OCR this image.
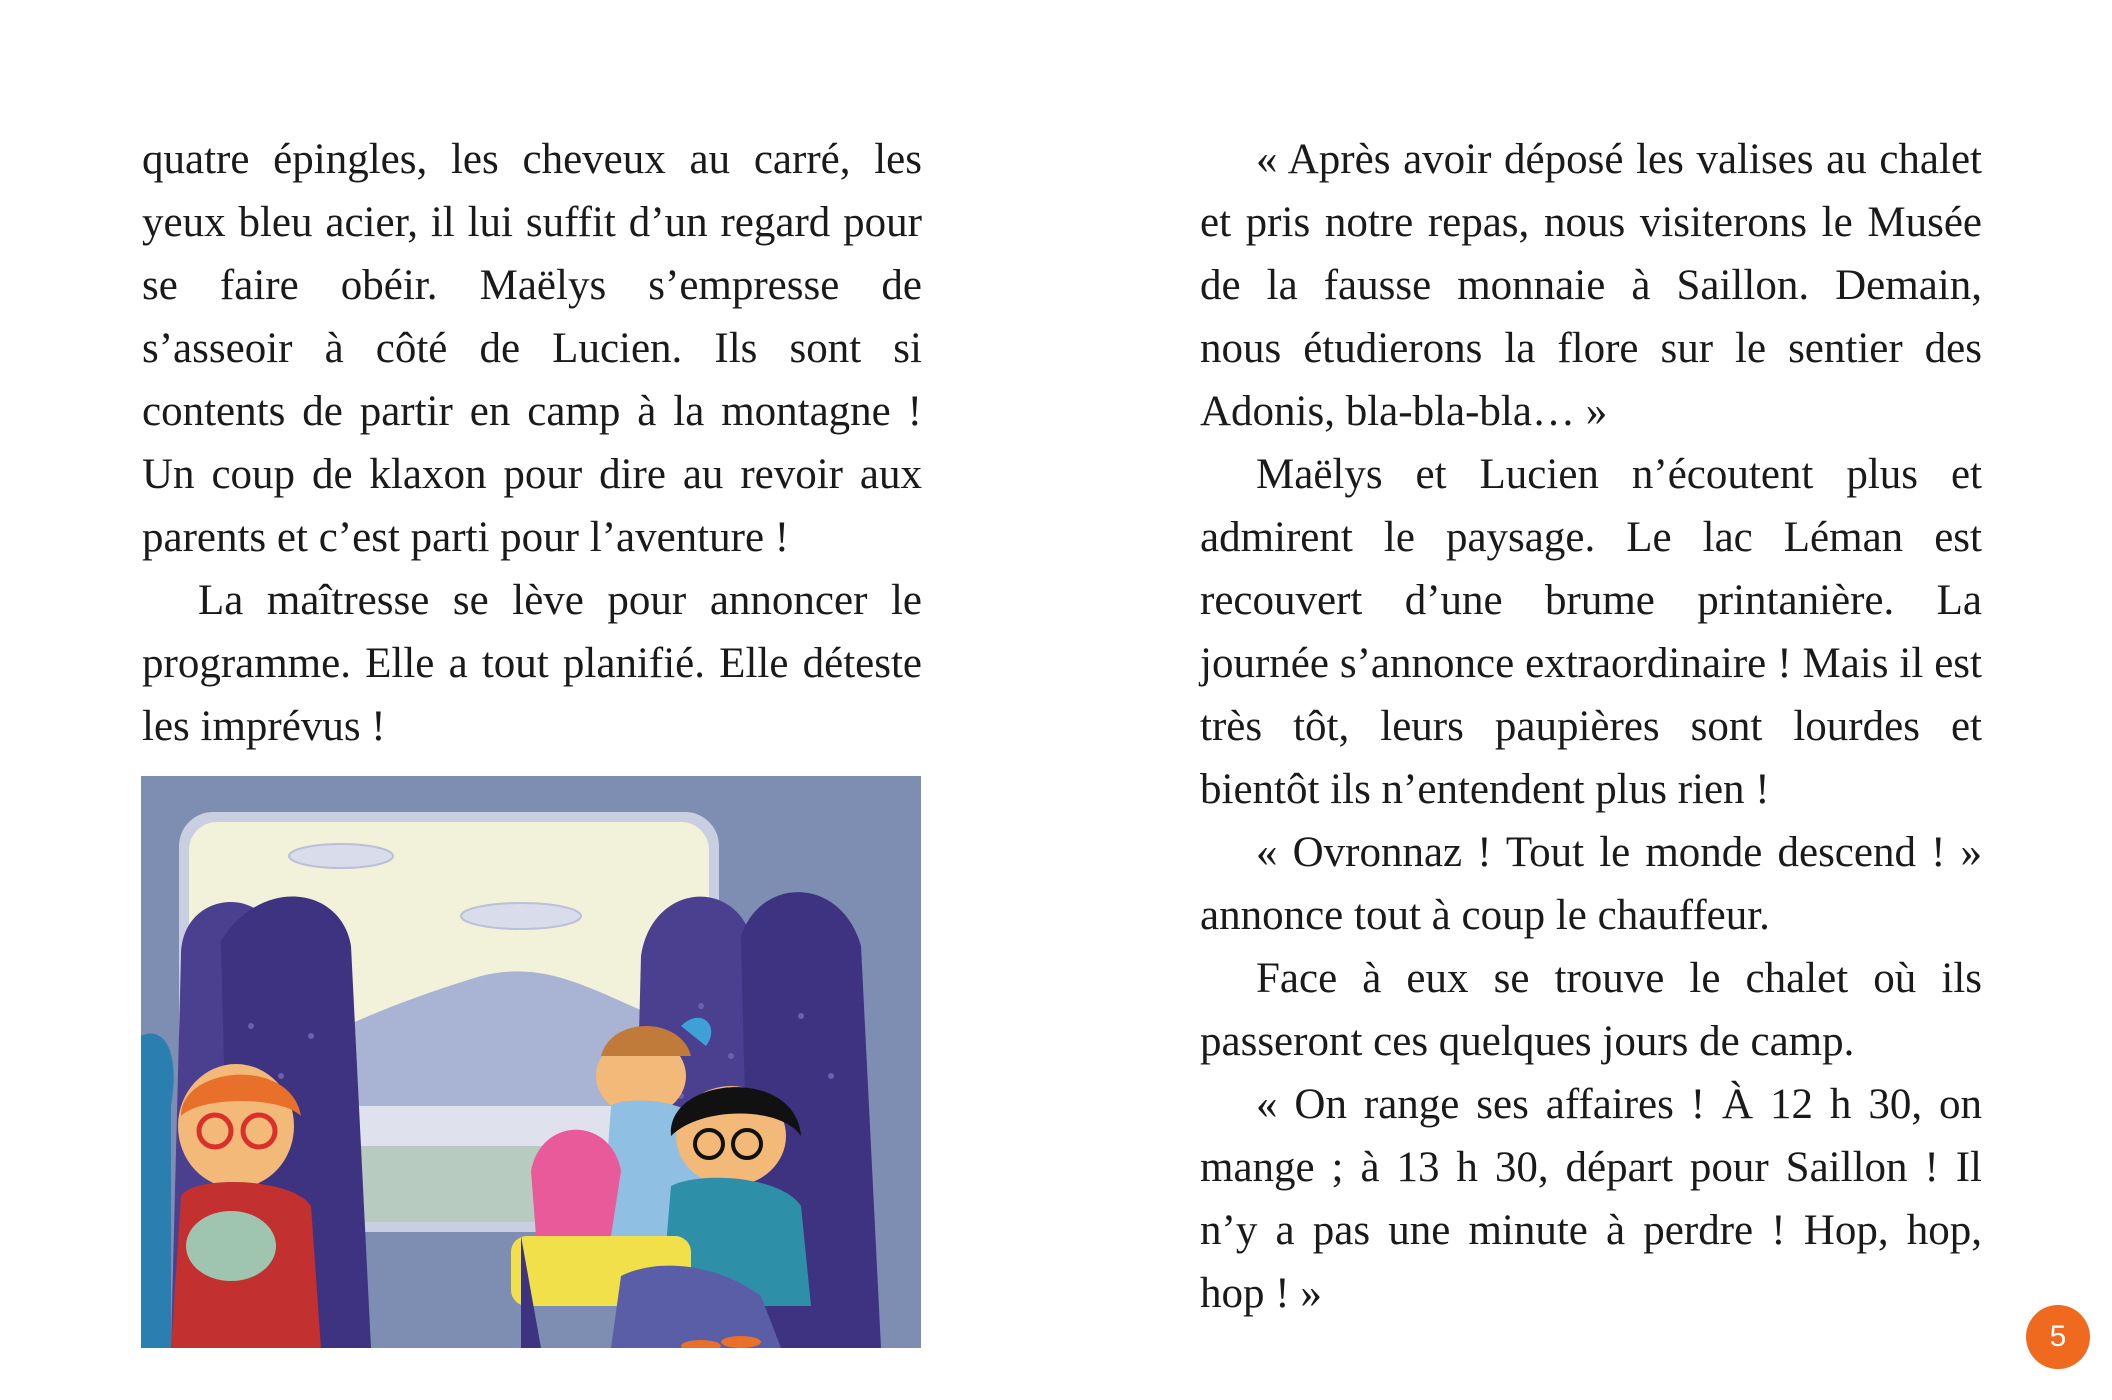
quatre épingles, les cheveux au carré, les yeux bleu acier, il lui suffit d’un regard pour se faire obéir. Maëlys s’empresse de s’asseoir à côté de Lucien. Ils sont si contents de partir en camp à la montagne ! Un coup de klaxon pour dire au revoir aux parents et c’est parti pour l’aventure !

La maîtresse se lève pour annoncer le programme. Elle a tout planifié. Elle déteste les imprévus !

« Après avoir déposé les valises au chalet et pris notre repas, nous visiterons le Musée de la fausse monnaie à Saillon. Demain, nous étudierons la flore sur le sentier des Adonis, bla-bla-bla… »

Maëlys et Lucien n’écoutent plus et admirent le paysage. Le lac Léman est recouvert d’une brume printanière. La journée s’annonce extraordinaire ! Mais il est très tôt, leurs paupières sont lourdes et bientôt ils n’entendent plus rien !

« Ovronnaz ! Tout le monde descend ! » annonce tout à coup le chauffeur.

Face à eux se trouve le chalet où ils passeront ces quelques jours de camp.

« On range ses affaires ! À 12 h 30, on mange ; à 13 h 30, départ pour Saillon ! Il n’y a pas une minute à perdre ! Hop, hop, hop ! »

5
